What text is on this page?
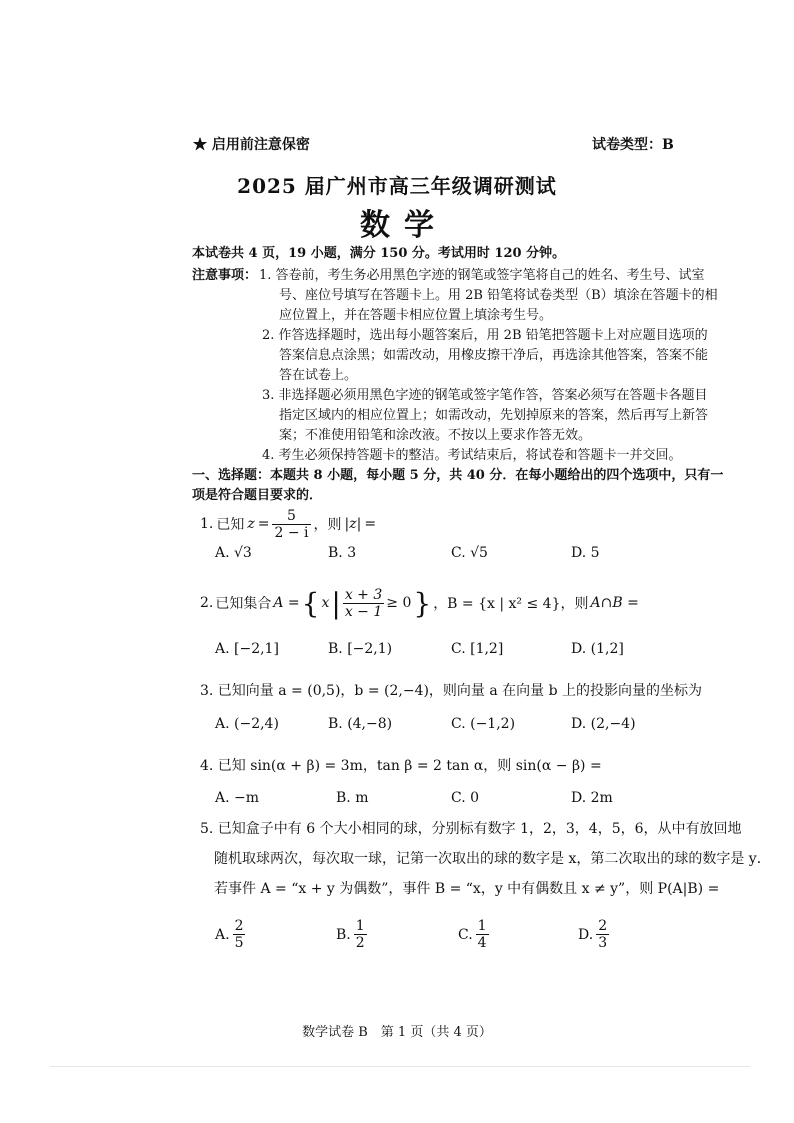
★ 启用前注意保密	试卷类型：B
2025 届广州市高三年级调研测试
数学
本试卷共 4 页，19 小题，满分 150 分。考试用时 120 分钟。
注意事项： 1. 答卷前，考生务必用黑色字迹的钢笔或签字笔将自己的姓名、考生号、试室
号、座位号填写在答题卡上。用 2B 铅笔将试卷类型（B）填涂在答题卡的相
应位置上，并在答题卡相应位置上填涂考生号。
2. 作答选择题时，选出每小题答案后，用 2B 铅笔把答题卡上对应题目选项的
答案信息点涂黑；如需改动，用橡皮擦干净后，再选涂其他答案，答案不能
答在试卷上。
3. 非选择题必须用黑色字迹的钢笔或签字笔作答，答案必须写在答题卡各题目
指定区域内的相应位置上；如需改动，先划掉原来的答案，然后再写上新答
案；不准使用铅笔和涂改液。不按以上要求作答无效。
4. 考生必须保持答题卡的整洁。考试结束后，将试卷和答题卡一并交回。
一、选择题：本题共 8 小题，每小题 5 分，共 40 分．在每小题给出的四个选项中，只有一
项是符合题目要求的．
1. 已知 $z = \frac{5}{2 - i}$ ，则 |z| =
A. √3	B. 3	C. √5	D. 5
2. 已知集合 A = { x | $\frac{x + 3}{x - 1} \ge 0$ } ，B = {x | x² ≤ 4}，则 A∩B =
A. [−2,1]	B. [−2,1)	C. [1,2]	D. (1,2]
3. 已知向量 a = (0,5)，b = (2,−4)，则向量 a 在向量 b 上的投影向量的坐标为
A. (−2,4)	B. (4,−8)	C. (−1,2)	D. (2,−4)
4. 已知 sin(α + β) = 3m，tan β = 2 tan α，则 sin(α − β) =
A. −m	B. m	C. 0	D. 2m
5. 已知盒子中有 6 个大小相同的球，分别标有数字 1，2，3，4，5，6，从中有放回地
随机取球两次，每次取一球，记第一次取出的球的数字是 x，第二次取出的球的数字是 y．
若事件 A = “x + y 为偶数”，事件 B = “x，y 中有偶数且 x ≠ y”，则 P(A|B) =
A. $\frac{2}{5}$	B. $\frac{1}{2}$	C. $\frac{1}{4}$	D. $\frac{2}{3}$
数学试卷 B　第 1 页（共 4 页）
